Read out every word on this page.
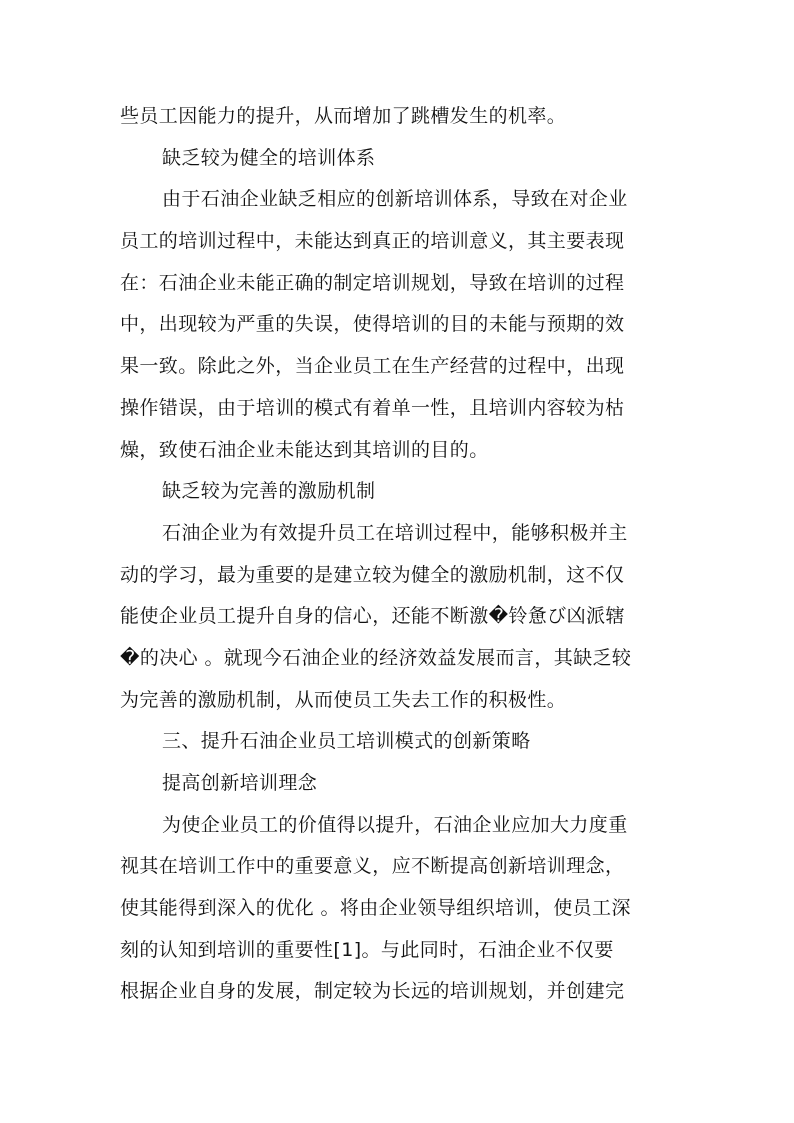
些员工因能力的提升，从而增加了跳槽发生的机率。
缺乏较为健全的培训体系
由于石油企业缺乏相应的创新培训体系，导致在对企业
员工的培训过程中，未能达到真正的培训意义，其主要表现
在：石油企业未能正确的制定培训规划，导致在培训的过程
中，出现较为严重的失误，使得培训的目的未能与预期的效
果一致。除此之外，当企业员工在生产经营的过程中，出现
操作错误，由于培训的模式有着单一性，且培训内容较为枯
燥，致使石油企业未能达到其培训的目的。
缺乏较为完善的激励机制
石油企业为有效提升员工在培训过程中，能够积极并主
动的学习，最为重要的是建立较为健全的激励机制，这不仅
能使企业员工提升自身的信心，还能不断激�铃惫び凶派辖
�的决心 。就现今石油企业的经济效益发展而言，其缺乏较
为完善的激励机制，从而使员工失去工作的积极性。
三、提升石油企业员工培训模式的创新策略
提高创新培训理念
为使企业员工的价值得以提升，石油企业应加大力度重
视其在培训工作中的重要意义，应不断提高创新培训理念，
使其能得到深入的优化 。将由企业领导组织培训，使员工深
刻的认知到培训的重要性[1]。与此同时，石油企业不仅要
根据企业自身的发展，制定较为长远的培训规划，并创建完
